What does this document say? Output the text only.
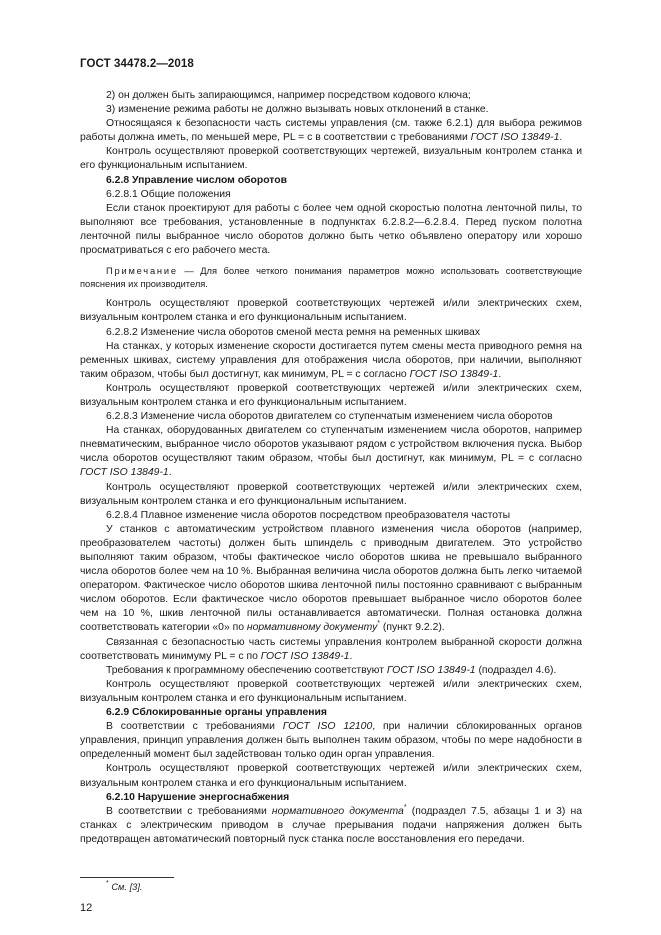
ГОСТ 34478.2—2018

2) он должен быть запирающимся, например посредством кодового ключа;

3) изменение режима работы не должно вызывать новых отклонений в станке.

Относящаяся к безопасности часть системы управления (см. также 6.2.1) для выбора режимов работы должна иметь, по меньшей мере, PL = с в соответствии с требованиями ГОСТ ISO 13849-1.

Контроль осуществляют проверкой соответствующих чертежей, визуальным контролем станка и его функциональным испытанием.

6.2.8 Управление числом оборотов

6.2.8.1 Общие положения

Если станок проектируют для работы с более чем одной скоростью полотна ленточной пилы, то выполняют все требования, установленные в подпунктах 6.2.8.2—6.2.8.4. Перед пуском полотна ленточной пилы выбранное число оборотов должно быть четко объявлено оператору или хорошо просматриваться с его рабочего места.

Примечание — Для более четкого понимания параметров можно использовать соответствующие пояснения их производителя.

Контроль осуществляют проверкой соответствующих чертежей и/или электрических схем, визуальным контролем станка и его функциональным испытанием.

6.2.8.2 Изменение числа оборотов сменой места ремня на ременных шкивах

На станках, у которых изменение скорости достигается путем смены места приводного ремня на ременных шкивах, систему управления для отображения числа оборотов, при наличии, выполняют таким образом, чтобы был достигнут, как минимум, PL = с согласно ГОСТ ISO 13849-1.

Контроль осуществляют проверкой соответствующих чертежей и/или электрических схем, визуальным контролем станка и его функциональным испытанием.

6.2.8.3 Изменение числа оборотов двигателем со ступенчатым изменением числа оборотов

На станках, оборудованных двигателем со ступенчатым изменением числа оборотов, например пневматическим, выбранное число оборотов указывают рядом с устройством включения пуска. Выбор числа оборотов осуществляют таким образом, чтобы был достигнут, как минимум, PL = с согласно ГОСТ ISO 13849-1.

Контроль осуществляют проверкой соответствующих чертежей и/или электрических схем, визуальным контролем станка и его функциональным испытанием.

6.2.8.4 Плавное изменение числа оборотов посредством преобразователя частоты

У станков с автоматическим устройством плавного изменения числа оборотов (например, преобразователем частоты) должен быть шпиндель с приводным двигателем. Это устройство выполняют таким образом, чтобы фактическое число оборотов шкива не превышало выбранного числа оборотов более чем на 10 %. Выбранная величина числа оборотов должна быть легко читаемой оператором. Фактическое число оборотов шкива ленточной пилы постоянно сравнивают с выбранным числом оборотов. Если фактическое число оборотов превышает выбранное число оборотов более чем на 10 %, шкив ленточной пилы останавливается автоматически. Полная остановка должна соответствовать категории «0» по нормативному документу* (пункт 9.2.2).

Связанная с безопасностью часть системы управления контролем выбранной скорости должна соответствовать минимуму PL = с по ГОСТ ISO 13849-1.

Требования к программному обеспечению соответствуют ГОСТ ISO 13849-1 (подраздел 4.6).

Контроль осуществляют проверкой соответствующих чертежей и/или электрических схем, визуальным контролем станка и его функциональным испытанием.

6.2.9 Сблокированные органы управления

В соответствии с требованиями ГОСТ ISO 12100, при наличии сблокированных органов управления, принцип управления должен быть выполнен таким образом, чтобы по мере надобности в определенный момент был задействован только один орган управления.

Контроль осуществляют проверкой соответствующих чертежей и/или электрических схем, визуальным контролем станка и его функциональным испытанием.

6.2.10 Нарушение энергоснабжения

В соответствии с требованиями нормативного документа* (подраздел 7.5, абзацы 1 и 3) на станках с электрическим приводом в случае прерывания подачи напряжения должен быть предотвращен автоматический повторный пуск станка после восстановления его передачи.

* См. [3].
12
